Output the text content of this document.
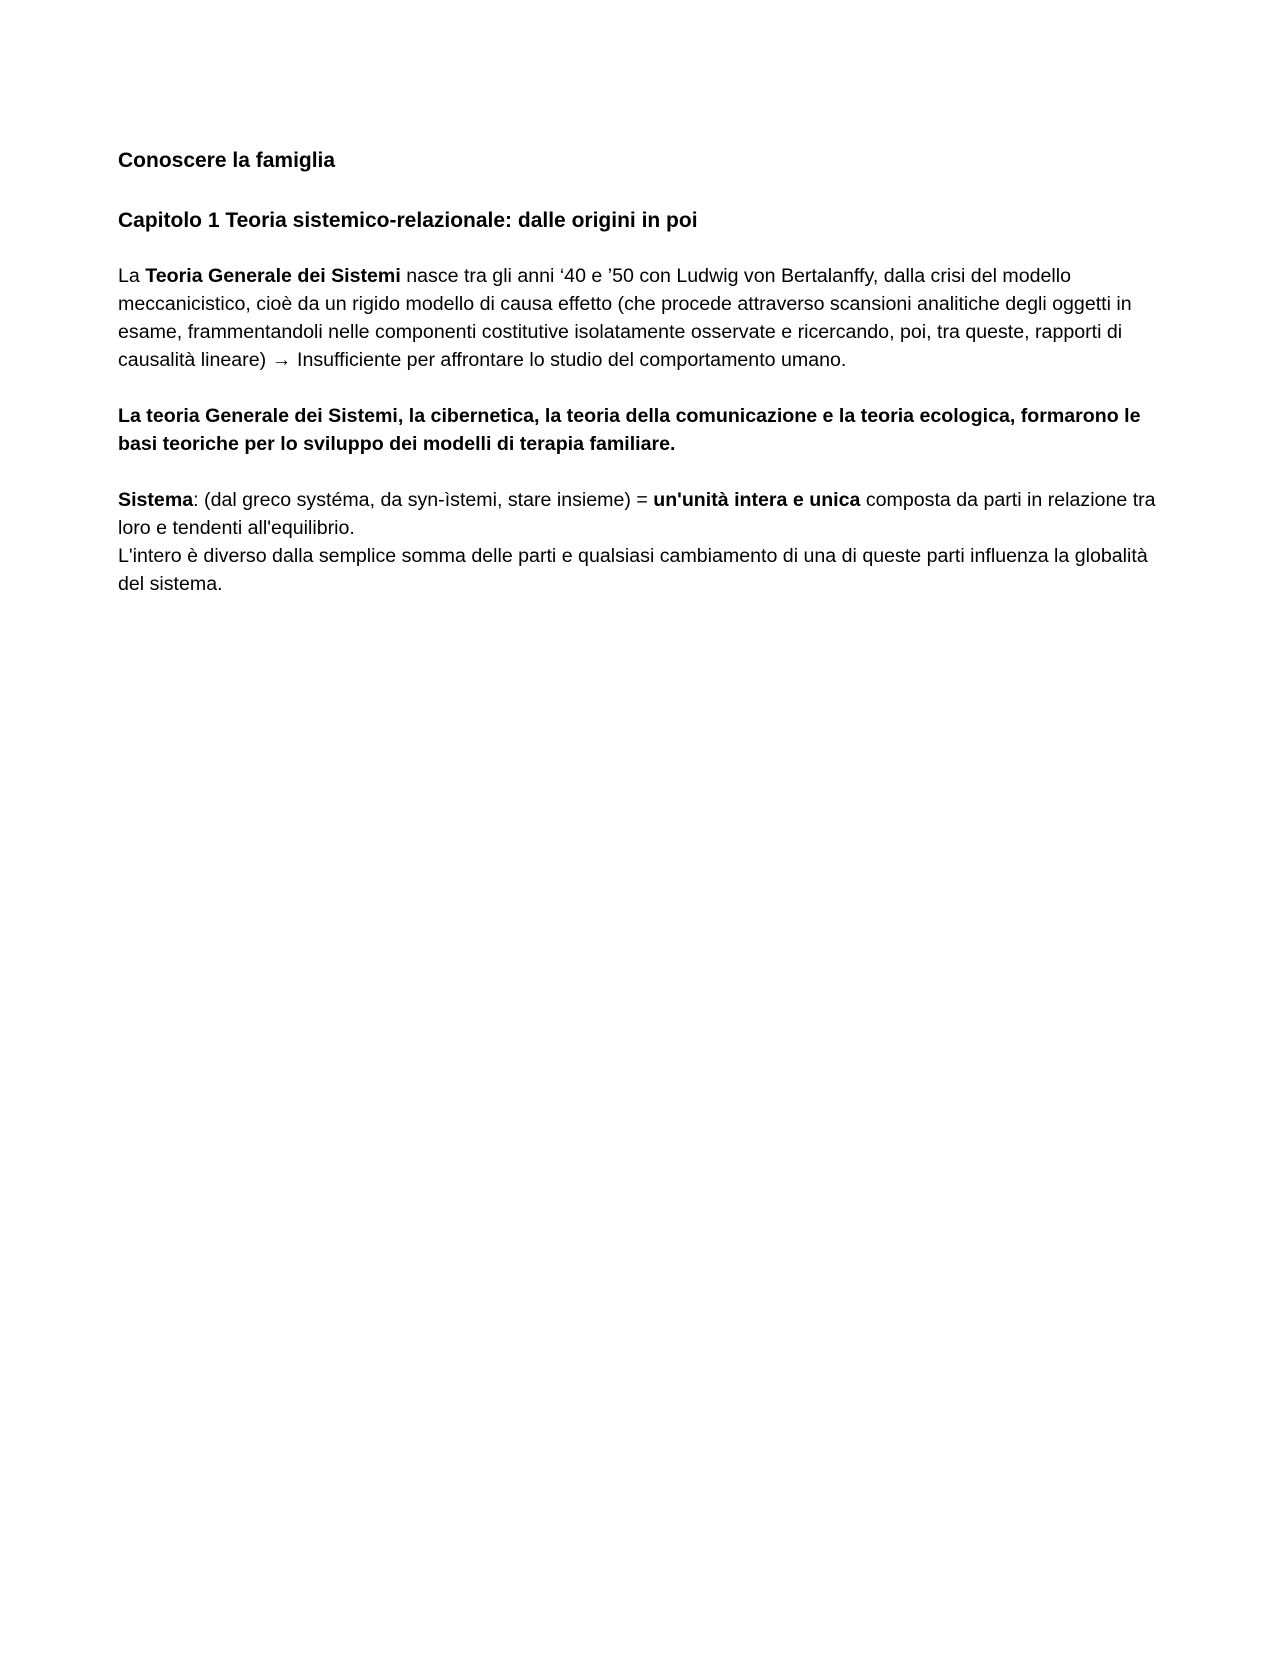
Conoscere la famiglia
Capitolo 1 Teoria sistemico-relazionale: dalle origini in poi

La Teoria Generale dei Sistemi nasce tra gli anni ‘40 e ’50 con Ludwig von Bertalanffy, dalla crisi del modello meccanicistico, cioè da un rigido modello di causa effetto (che procede attraverso scansioni analitiche degli oggetti in esame, frammentandoli nelle componenti costitutive isolatamente osservate e ricercando, poi, tra queste, rapporti di causalità lineare) → Insufficiente per affrontare lo studio del comportamento umano.

La teoria Generale dei Sistemi, la cibernetica, la teoria della comunicazione e la teoria ecologica, formarono le basi teoriche per lo sviluppo dei modelli di terapia familiare.

Sistema: (dal greco systéma, da syn-ìstemi, stare insieme) = un'unità intera e unica composta da parti in relazione tra loro e tendenti all'equilibrio.

L'intero è diverso dalla semplice somma delle parti e qualsiasi cambiamento di una di queste parti influenza la globalità del sistema.
